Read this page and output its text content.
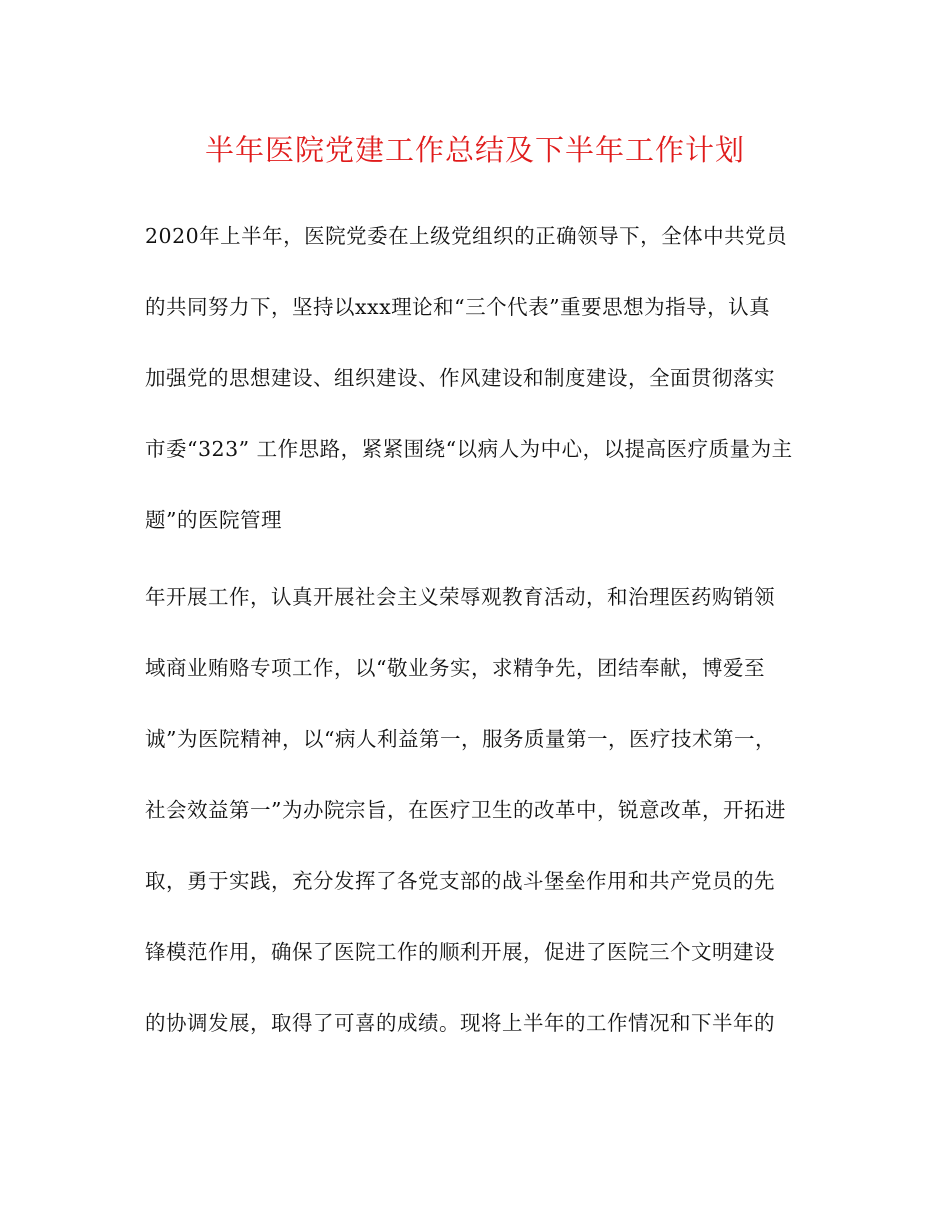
半年医院党建工作总结及下半年工作计划
2020年上半年，医院党委在上级党组织的正确领导下，全体中共党员
的共同努力下，坚持以xxx理论和“三个代表”重要思想为指导，认真
加强党的思想建设、组织建设、作风建设和制度建设，全面贯彻落实
市委“323” 工作思路，紧紧围绕“以病人为中心，以提高医疗质量为主
题”的医院管理
年开展工作，认真开展社会主义荣辱观教育活动，和治理医药购销领
域商业贿赂专项工作，以“敬业务实，求精争先，团结奉献，博爱至
诚”为医院精神，以“病人利益第一，服务质量第一，医疗技术第一，
社会效益第一”为办院宗旨，在医疗卫生的改革中，锐意改革，开拓进
取，勇于实践，充分发挥了各党支部的战斗堡垒作用和共产党员的先
锋模范作用，确保了医院工作的顺利开展，促进了医院三个文明建设
的协调发展，取得了可喜的成绩。现将上半年的工作情况和下半年的
